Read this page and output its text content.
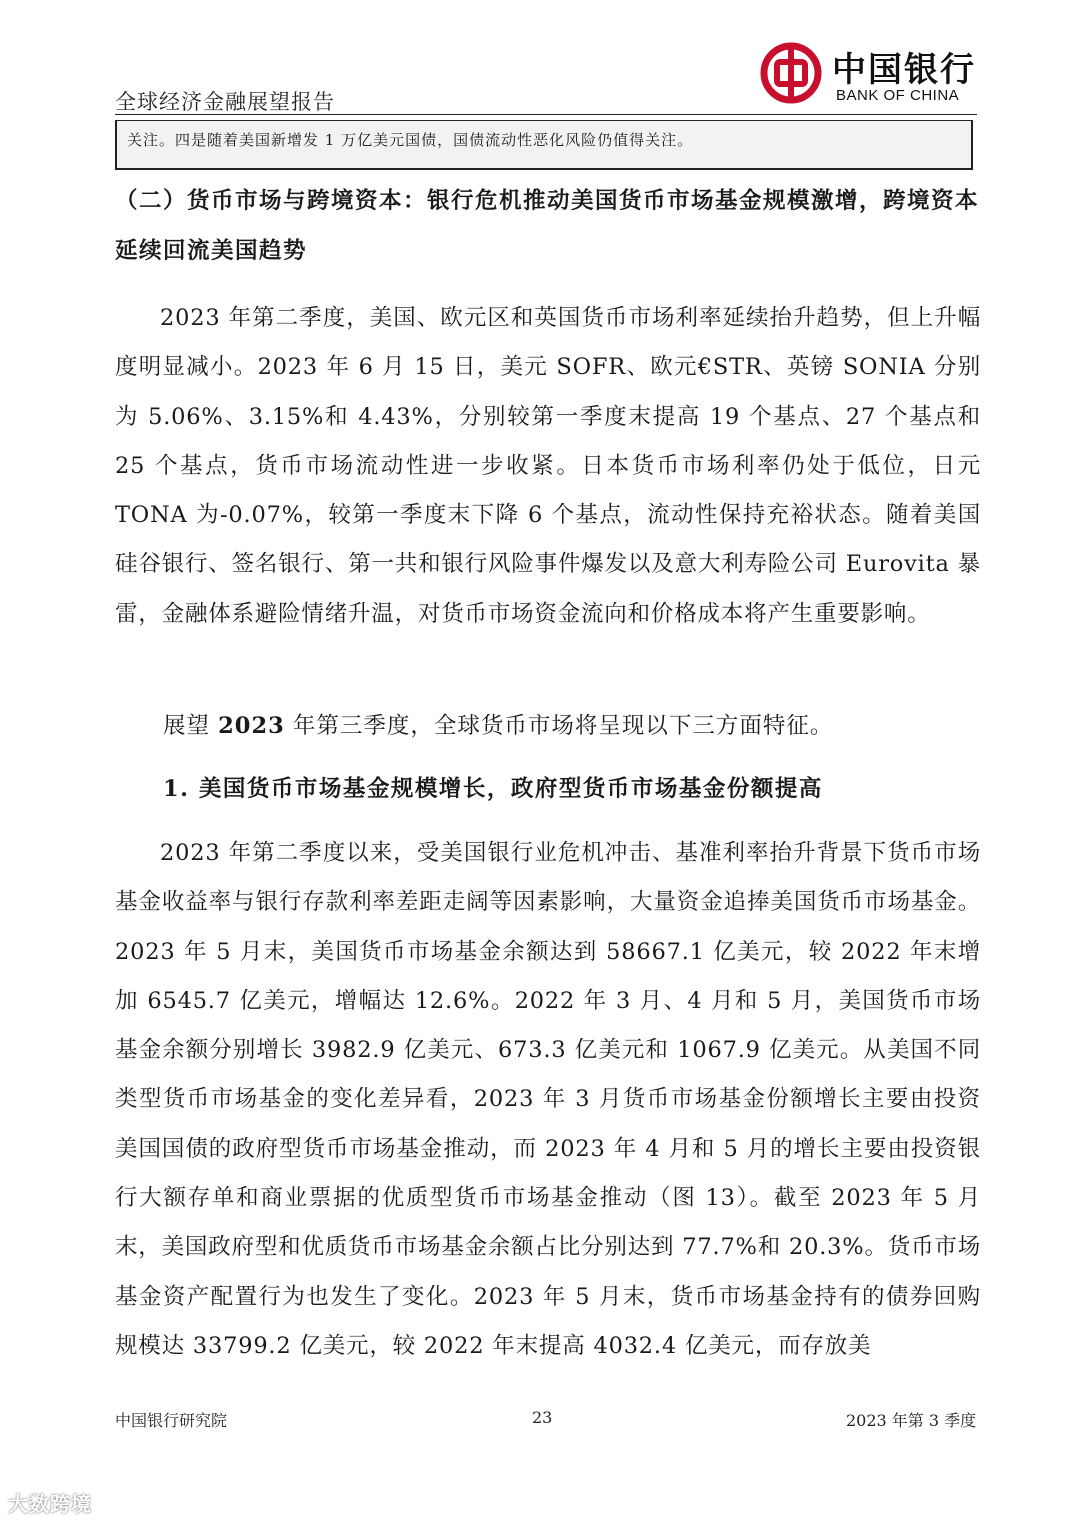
全球经济金融展望报告
中国银行
BANK OF CHINA
关注。四是随着美国新增发 1 万亿美元国债，国债流动性恶化风险仍值得关注。
（二）货币市场与跨境资本：银行危机推动美国货币市场基金规模激增，跨境资本延续回流美国趋势
2023 年第二季度，美国、欧元区和英国货币市场利率延续抬升趋势，但上升幅度明显减小。2023 年 6 月 15 日，美元 SOFR、欧元€STR、英镑 SONIA 分别为 5.06%、3.15%和 4.43%，分别较第一季度末提高 19 个基点、27 个基点和 25 个基点，货币市场流动性进一步收紧。日本货币市场利率仍处于低位，日元 TONA 为-0.07%，较第一季度末下降 6 个基点，流动性保持充裕状态。随着美国硅谷银行、签名银行、第一共和银行风险事件爆发以及意大利寿险公司 Eurovita 暴雷，金融体系避险情绪升温，对货币市场资金流向和价格成本将产生重要影响。
展望 2023 年第三季度，全球货币市场将呈现以下三方面特征。
1. 美国货币市场基金规模增长，政府型货币市场基金份额提高
2023 年第二季度以来，受美国银行业危机冲击、基准利率抬升背景下货币市场基金收益率与银行存款利率差距走阔等因素影响，大量资金追捧美国货币市场基金。2023 年 5 月末，美国货币市场基金余额达到 58667.1 亿美元，较 2022 年末增加 6545.7 亿美元，增幅达 12.6%。2022 年 3 月、4 月和 5 月，美国货币市场基金余额分别增长 3982.9 亿美元、673.3 亿美元和 1067.9 亿美元。从美国不同类型货币市场基金的变化差异看，2023 年 3 月货币市场基金份额增长主要由投资美国国债的政府型货币市场基金推动，而 2023 年 4 月和 5 月的增长主要由投资银行大额存单和商业票据的优质型货币市场基金推动（图 13）。截至 2023 年 5 月末，美国政府型和优质货币市场基金余额占比分别达到 77.7%和 20.3%。货币市场基金资产配置行为也发生了变化。2023 年 5 月末，货币市场基金持有的债券回购规模达 33799.2 亿美元，较 2022 年末提高 4032.4 亿美元，而存放美
中国银行研究院	23	2023 年第 3 季度
大数跨境
